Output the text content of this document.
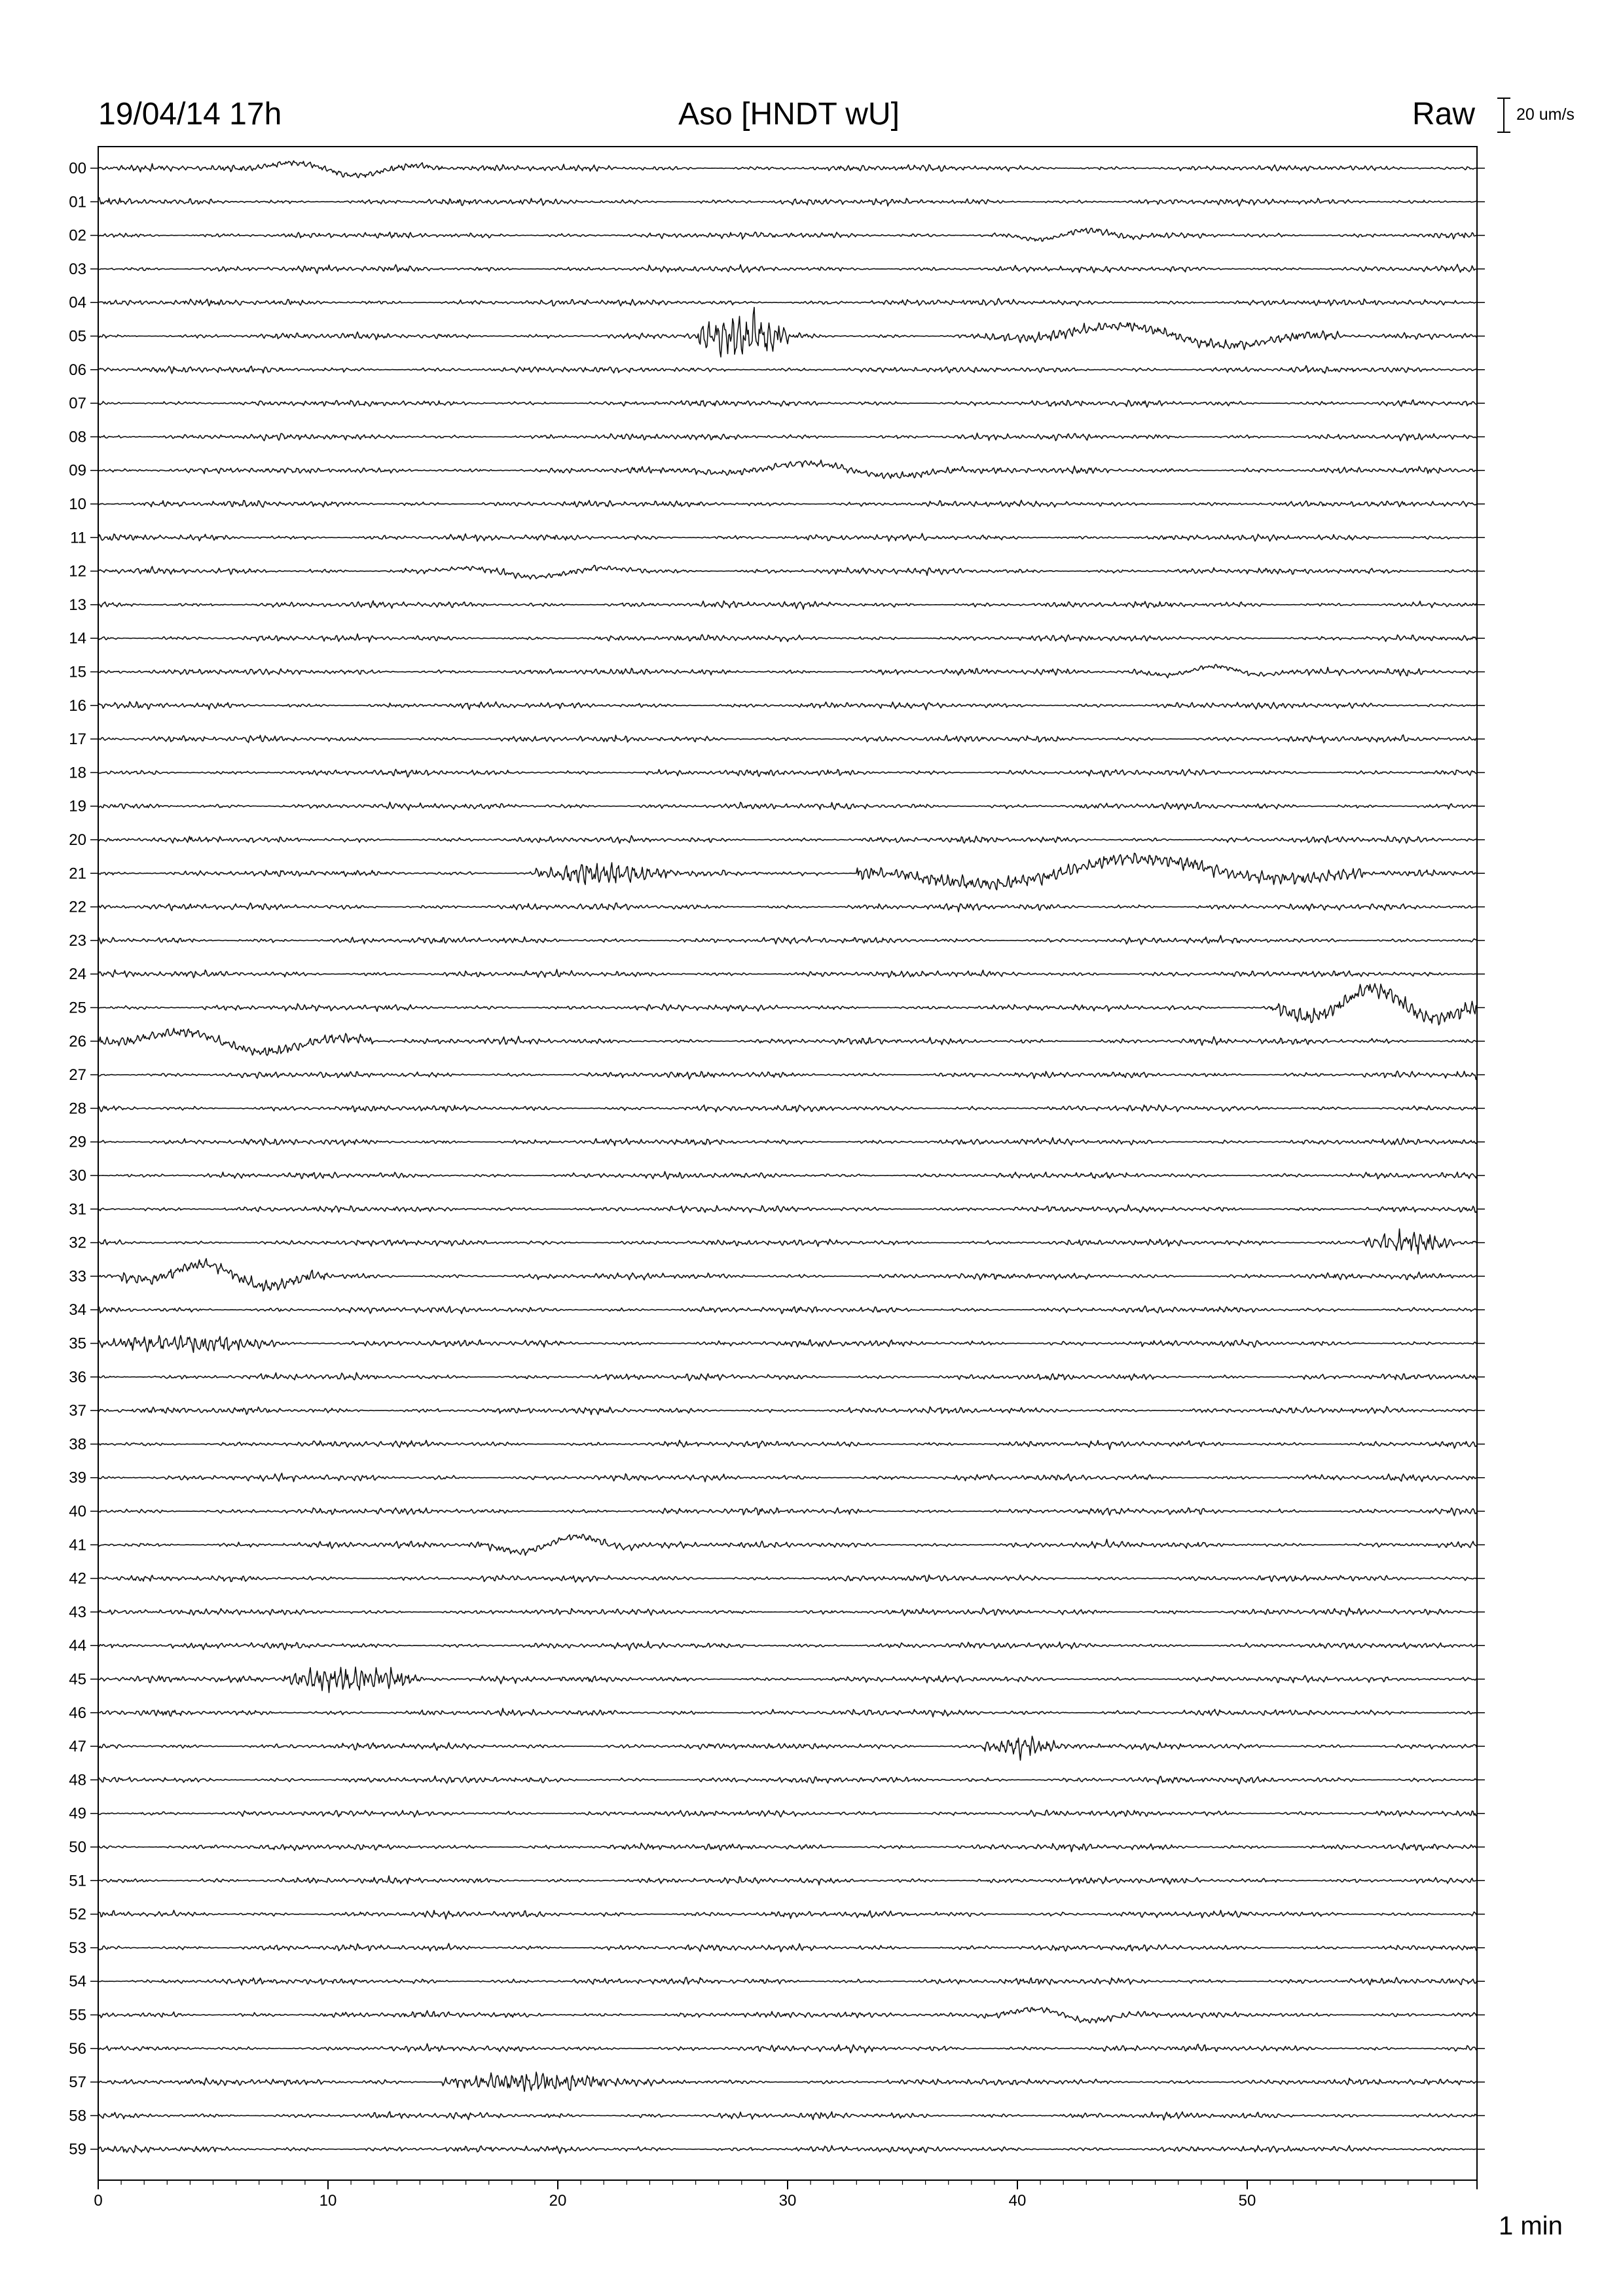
19/04/14 17h	Aso [HNDT wU]	Raw	20 um/s
00
01
02
03
04
05
06
07
08
09
10
11
12
13
14
15
16
17
18
19
20
21
22
23
24
25
26
27
28
29
30
31
32
33
34
35
36
37
38
39
40
41
42
43
44
45
46
47
48
49
50
51
52
53
54
55
56
57
58
59
0	10	20	30	40	50
1 min
